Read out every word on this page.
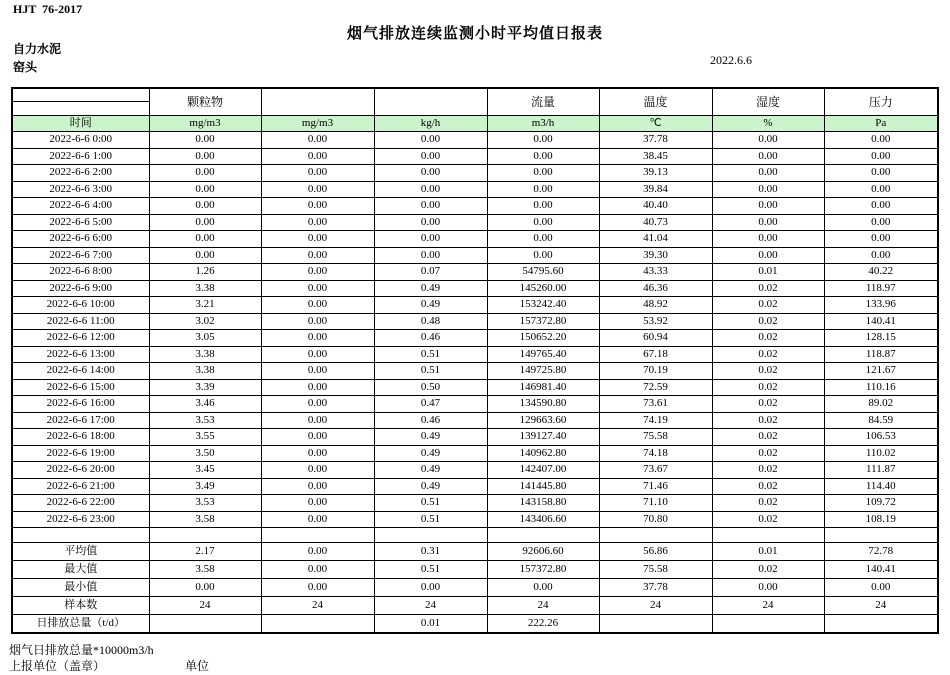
HJT  76-2017
烟气排放连续监测小时平均值日报表
自力水泥
窑头	2022.6.6
	颗粒物			流量	温度	湿度	压力

时间	mg/m3	mg/m3	kg/h	m3/h	℃	%	Pa
2022-6-6 0:00	0.00	0.00	0.00	0.00	37.78	0.00	0.00
2022-6-6 1:00	0.00	0.00	0.00	0.00	38.45	0.00	0.00
2022-6-6 2:00	0.00	0.00	0.00	0.00	39.13	0.00	0.00
2022-6-6 3:00	0.00	0.00	0.00	0.00	39.84	0.00	0.00
2022-6-6 4:00	0.00	0.00	0.00	0.00	40.40	0.00	0.00
2022-6-6 5:00	0.00	0.00	0.00	0.00	40.73	0.00	0.00
2022-6-6 6:00	0.00	0.00	0.00	0.00	41.04	0.00	0.00
2022-6-6 7:00	0.00	0.00	0.00	0.00	39.30	0.00	0.00
2022-6-6 8:00	1.26	0.00	0.07	54795.60	43.33	0.01	40.22
2022-6-6 9:00	3.38	0.00	0.49	145260.00	46.36	0.02	118.97
2022-6-6 10:00	3.21	0.00	0.49	153242.40	48.92	0.02	133.96
2022-6-6 11:00	3.02	0.00	0.48	157372.80	53.92	0.02	140.41
2022-6-6 12:00	3.05	0.00	0.46	150652.20	60.94	0.02	128.15
2022-6-6 13:00	3.38	0.00	0.51	149765.40	67.18	0.02	118.87
2022-6-6 14:00	3.38	0.00	0.51	149725.80	70.19	0.02	121.67
2022-6-6 15:00	3.39	0.00	0.50	146981.40	72.59	0.02	110.16
2022-6-6 16:00	3.46	0.00	0.47	134590.80	73.61	0.02	89.02
2022-6-6 17:00	3.53	0.00	0.46	129663.60	74.19	0.02	84.59
2022-6-6 18:00	3.55	0.00	0.49	139127.40	75.58	0.02	106.53
2022-6-6 19:00	3.50	0.00	0.49	140962.80	74.18	0.02	110.02
2022-6-6 20:00	3.45	0.00	0.49	142407.00	73.67	0.02	111.87
2022-6-6 21:00	3.49	0.00	0.49	141445.80	71.46	0.02	114.40
2022-6-6 22:00	3.53	0.00	0.51	143158.80	71.10	0.02	109.72
2022-6-6 23:00	3.58	0.00	0.51	143406.60	70.80	0.02	108.19

平均值	2.17	0.00	0.31	92606.60	56.86	0.01	72.78
最大值	3.58	0.00	0.51	157372.80	75.58	0.02	140.41
最小值	0.00	0.00	0.00	0.00	37.78	0.00	0.00
样本数	24	24	24	24	24	24	24
日排放总量（t/d）			0.01	222.26			
烟气日排放总量*10000m3/h
上报单位（盖章）	单位
